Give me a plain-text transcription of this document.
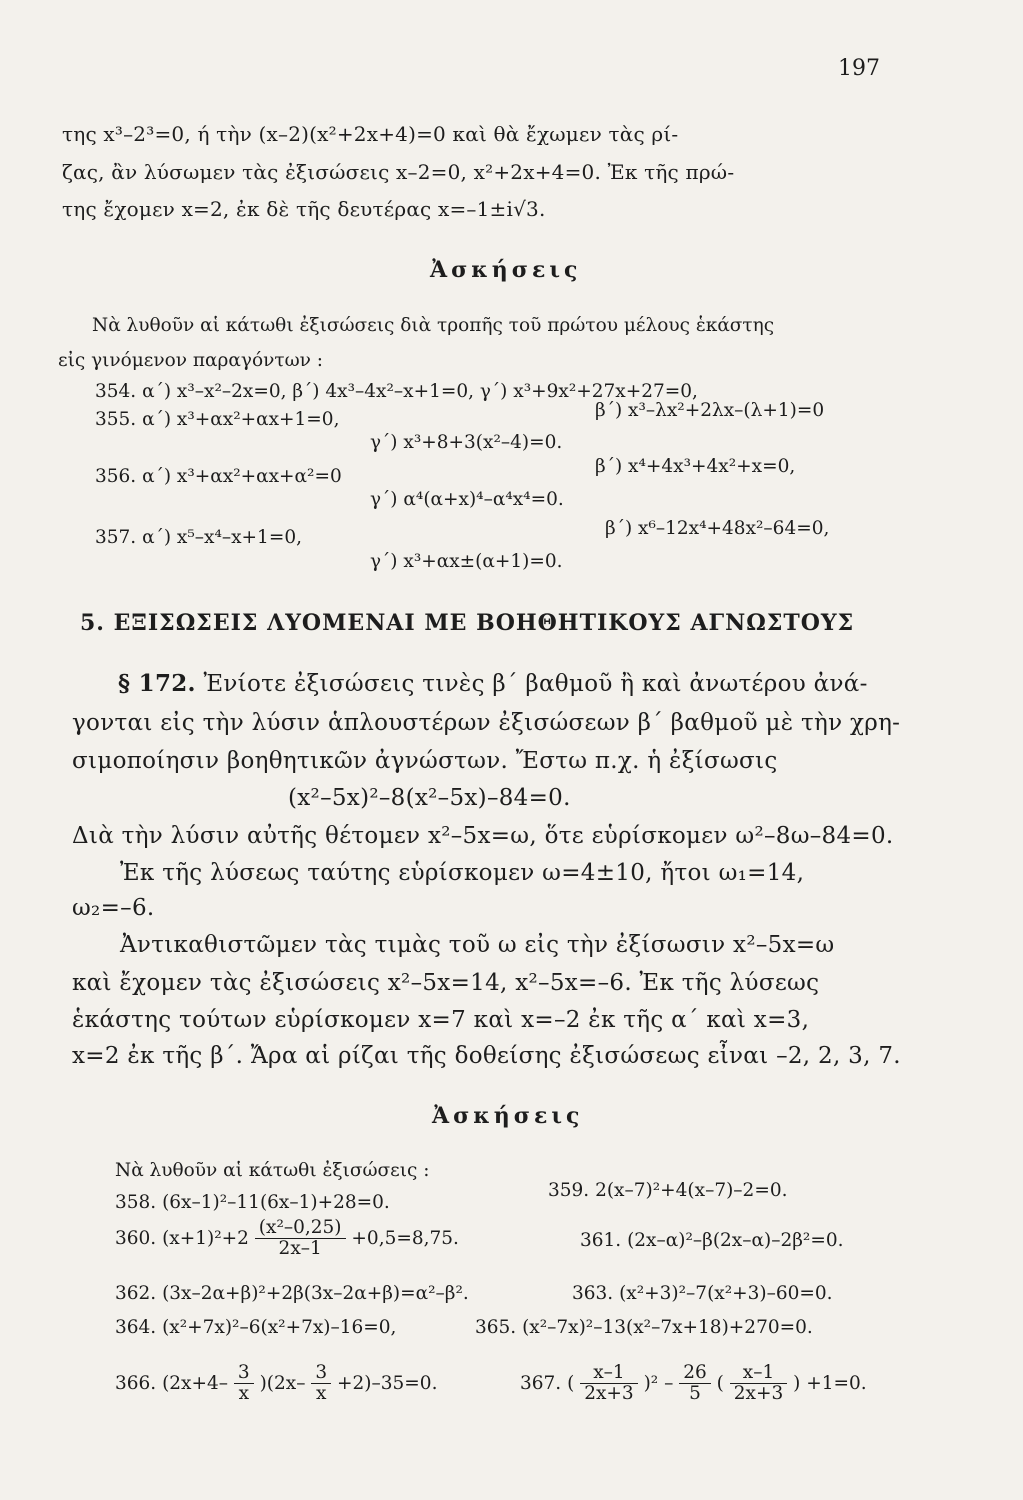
197
της x³–2³=0, ή τὴν (x–2)(x²+2x+4)=0 καὶ θὰ ἔχωμεν τὰς ρί-
ζας, ἂν λύσωμεν τὰς ἐξισώσεις x–2=0, x²+2x+4=0. Ἐκ τῆς πρώ-
της ἔχομεν x=2, ἐκ δὲ τῆς δευτέρας x=–1±i√3.
Ἀσκήσεις
Νὰ λυθοῦν αἱ κάτωθι ἐξισώσεις διὰ τροπῆς τοῦ πρώτου μέλους ἑκάστης
εἰς γινόμενον παραγόντων :
354. α΄) x³–x²–2x=0, β΄) 4x³–4x²–x+1=0, γ΄) x³+9x²+27x+27=0,
355. α΄) x³+αx²+αx+1=0,	β΄) x³–λx²+2λx–(λ+1)=0
γ΄) x³+8+3(x²–4)=0.
356. α΄) x³+αx²+αx+α²=0	β΄) x⁴+4x³+4x²+x=0,
γ΄) α⁴(α+x)⁴–α⁴x⁴=0.
357. α΄) x⁵–x⁴–x+1=0,	β΄) x⁶–12x⁴+48x²–64=0,
γ΄) x³+αx±(α+1)=0.
5. ΕΞΙΣΩΣΕΙΣ ΛΥΟΜΕΝΑΙ ΜΕ ΒΟΗΘΗΤΙΚΟΥΣ ΑΓΝΩΣΤΟΥΣ
§ 172. Ἐνίοτε ἐξισώσεις τινὲς β΄ βαθμοῦ ἢ καὶ ἀνωτέρου ἀνά-
γονται εἰς τὴν λύσιν ἁπλουστέρων ἐξισώσεων β΄ βαθμοῦ μὲ τὴν χρη-
σιμοποίησιν βοηθητικῶν ἀγνώστων. Ἔστω π.χ. ἡ ἐξίσωσις
(x²–5x)²–8(x²–5x)–84=0.
Διὰ τὴν λύσιν αὐτῆς θέτομεν x²–5x=ω, ὅτε εὑρίσκομεν ω²–8ω–84=0.
Ἐκ τῆς λύσεως ταύτης εὑρίσκομεν ω=4±10, ἤτοι ω₁=14,
ω₂=–6.
Ἀντικαθιστῶμεν τὰς τιμὰς τοῦ ω εἰς τὴν ἐξίσωσιν x²–5x=ω
καὶ ἔχομεν τὰς ἐξισώσεις x²–5x=14, x²–5x=–6. Ἐκ τῆς λύσεως
ἑκάστης τούτων εὑρίσκομεν x=7 καὶ x=–2 ἐκ τῆς α΄ καὶ x=3,
x=2 ἐκ τῆς β΄. Ἄρα αἱ ρίζαι τῆς δοθείσης ἐξισώσεως εἶναι –2, 2, 3, 7.
Ἀσκήσεις
Νὰ λυθοῦν αἱ κάτωθι ἐξισώσεις :
358. (6x–1)²–11(6x–1)+28=0.
359. 2(x–7)²+4(x–7)–2=0.
360. $(x+1)^2+2 \frac{\text{(x²–0,25)}}{2x-1} +0,5=8,75$.	361. (2x–α)²–β(2x–α)–2β²=0.
362. (3x–2α+β)²+2β(3x–2α+β)=α²–β².	363. (x²+3)²–7(x²+3)–60=0.
364. (x²+7x)²–6(x²+7x)–16=0,	365. (x²–7x)²–13(x²–7x+18)+270=0.
366. $(2x+4- \frac{3}{x} )(2x- \frac{3}{x} +2)-35=0$.	367. ( $\frac{x-1}{2x+3} )^2 - \frac{26}{5}$ ( $\frac{x-1}{2x+3}$ ) +1=0.
